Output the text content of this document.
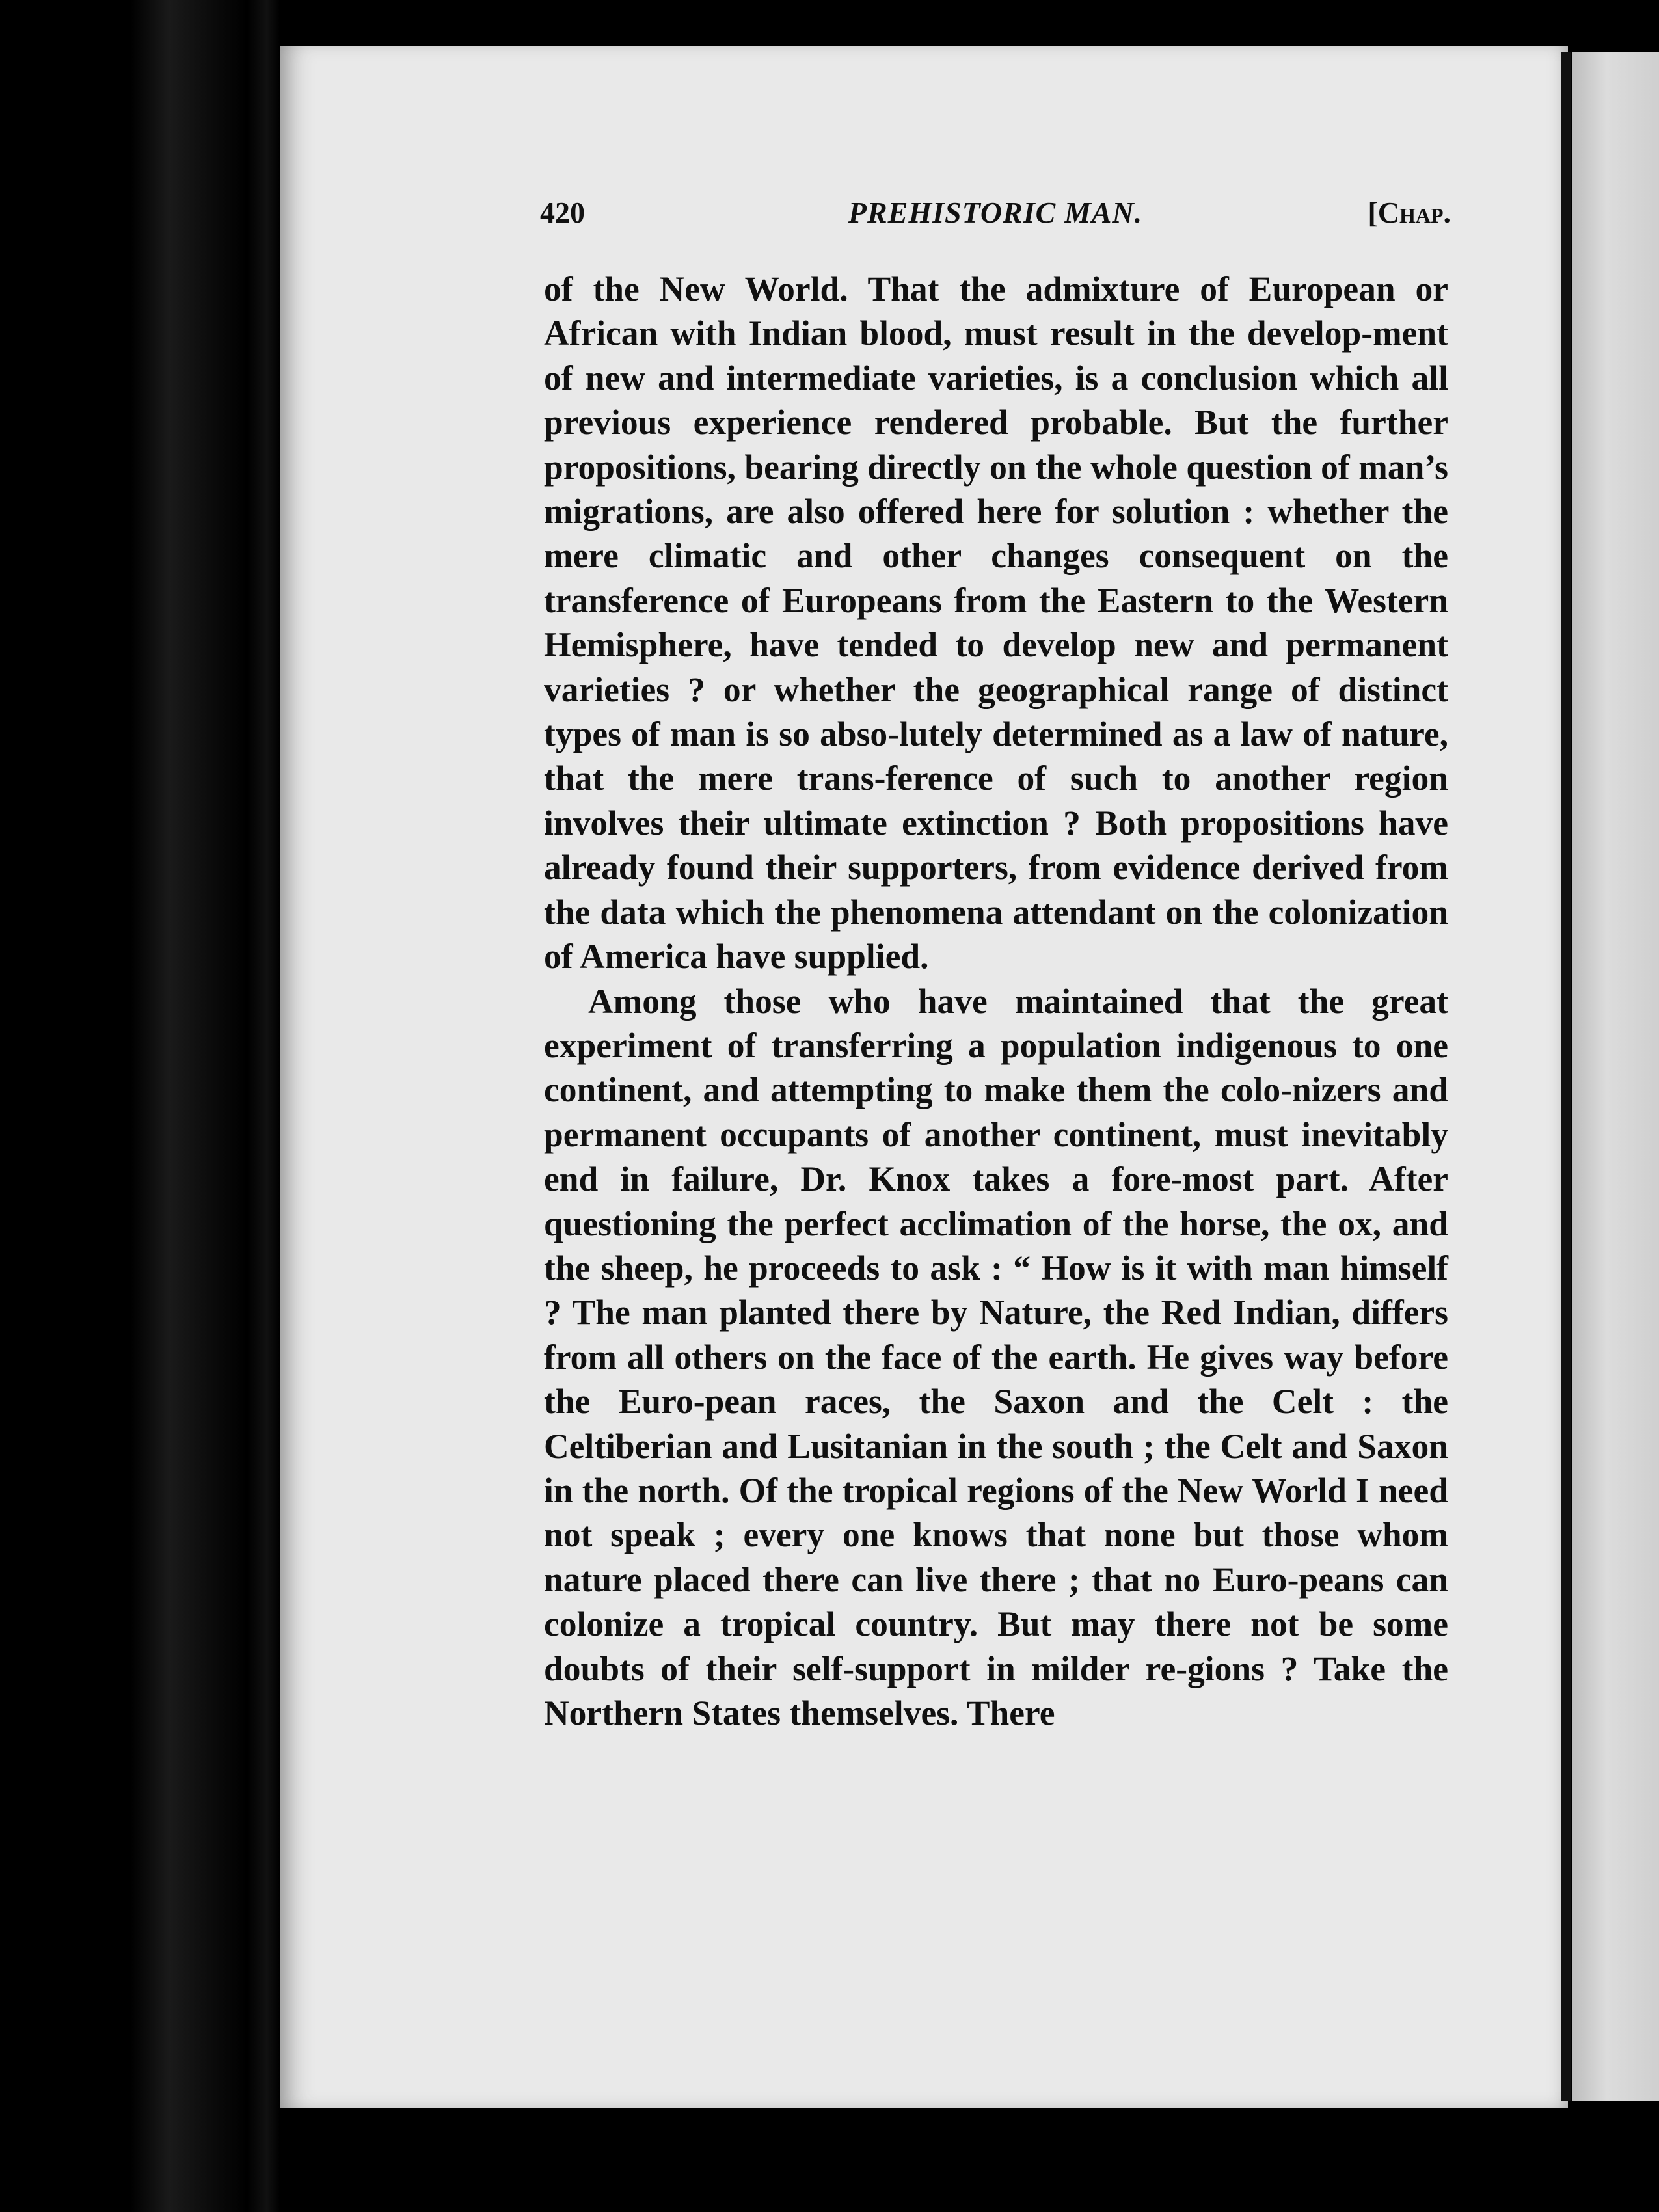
420	PREHISTORIC MAN.	[Chap.

of the New World. That the admixture of European or African with Indian blood, must result in the develop-ment of new and intermediate varieties, is a conclusion which all previous experience rendered probable. But the further propositions, bearing directly on the whole question of man’s migrations, are also offered here for solution : whether the mere climatic and other changes consequent on the transference of Europeans from the Eastern to the Western Hemisphere, have tended to develop new and permanent varieties ? or whether the geographical range of distinct types of man is so abso-lutely determined as a law of nature, that the mere trans-ference of such to another region involves their ultimate extinction ? Both propositions have already found their supporters, from evidence derived from the data which the phenomena attendant on the colonization of America have supplied.

Among those who have maintained that the great experiment of transferring a population indigenous to one continent, and attempting to make them the colo-nizers and permanent occupants of another continent, must inevitably end in failure, Dr. Knox takes a fore-most part. After questioning the perfect acclimation of the horse, the ox, and the sheep, he proceeds to ask : “ How is it with man himself ? The man planted there by Nature, the Red Indian, differs from all others on the face of the earth. He gives way before the Euro-pean races, the Saxon and the Celt : the Celtiberian and Lusitanian in the south ; the Celt and Saxon in the north. Of the tropical regions of the New World I need not speak ; every one knows that none but those whom nature placed there can live there ; that no Euro-peans can colonize a tropical country. But may there not be some doubts of their self-support in milder re-gions ? Take the Northern States themselves. There
